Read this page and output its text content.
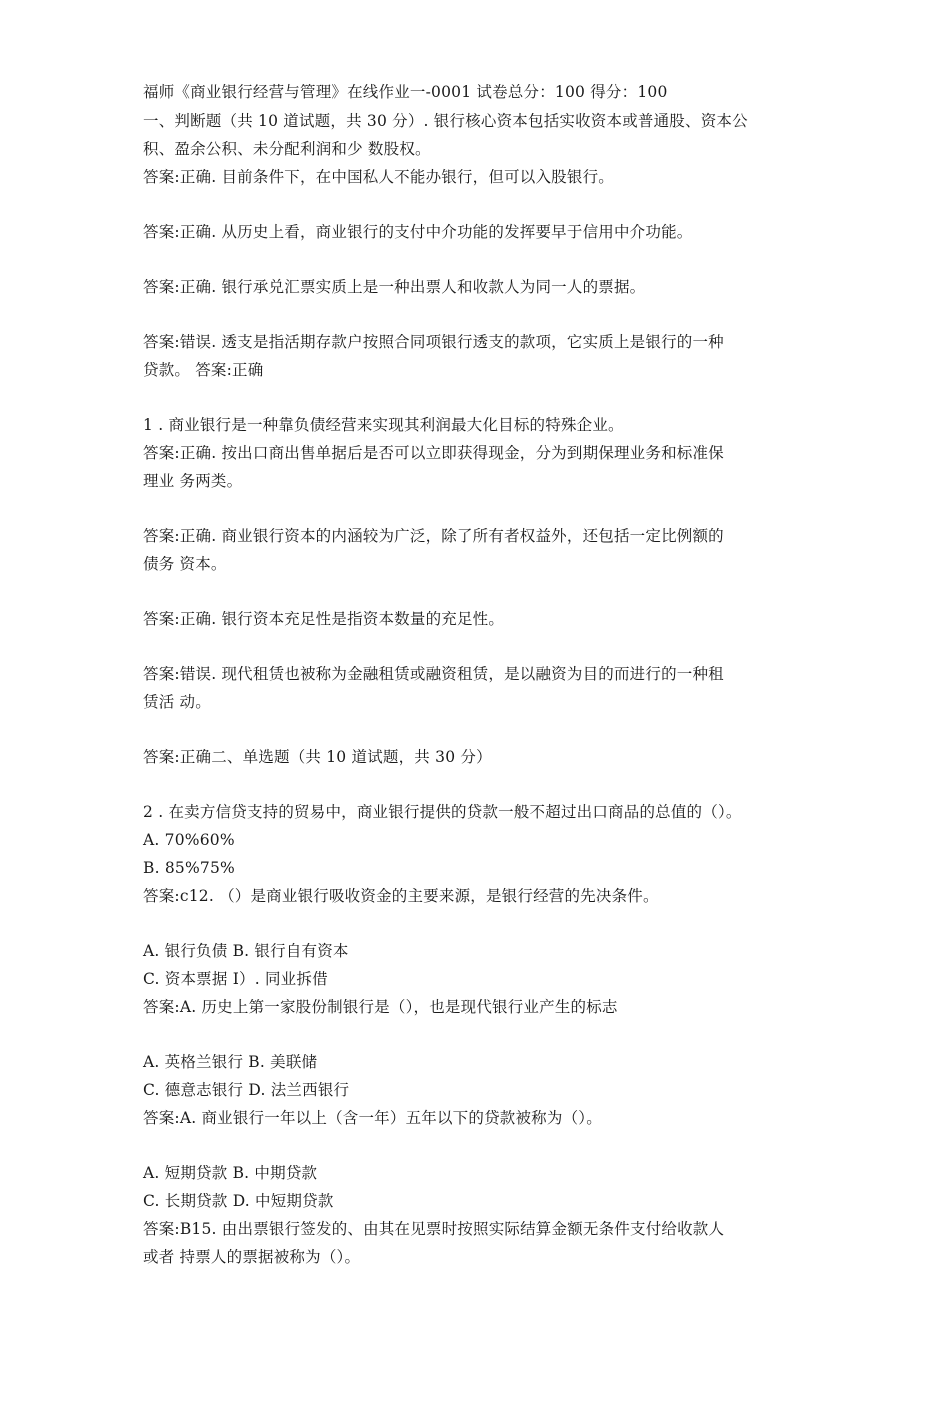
福师《商业银行经营与管理》在线作业一-0001 试卷总分：100 得分：100
一、判断题（共 10 道试题，共 30 分）. 银行核心资本包括实收资本或普通股、资本公
积、盈余公积、未分配利润和少 数股权。
答案:正确. 目前条件下，在中国私人不能办银行，但可以入股银行。
答案:正确. 从历史上看，商业银行的支付中介功能的发挥要早于信用中介功能。
答案:正确. 银行承兑汇票实质上是一种出票人和收款人为同一人的票据。
答案:错误. 透支是指活期存款户按照合同项银行透支的款项，它实质上是银行的一种
贷款。 答案:正确
1 . 商业银行是一种靠负债经营来实现其利润最大化目标的特殊企业。
答案:正确. 按出口商出售单据后是否可以立即获得现金，分为到期保理业务和标准保
理业 务两类。
答案:正确. 商业银行资本的内涵较为广泛，除了所有者权益外，还包括一定比例额的
债务 资本。
答案:正确. 银行资本充足性是指资本数量的充足性。
答案:错误. 现代租赁也被称为金融租赁或融资租赁，是以融资为目的而进行的一种租
赁活 动。
答案:正确二、单选题（共 10 道试题，共 30 分）
2 . 在卖方信贷支持的贸易中，商业银行提供的贷款一般不超过出口商品的总值的（）。
A. 70%60%
B. 85%75%
答案:c12. （）是商业银行吸收资金的主要来源，是银行经营的先决条件。
A. 银行负债 B. 银行自有资本
C. 资本票据 I）. 同业拆借
答案:A. 历史上第一家股份制银行是（），也是现代银行业产生的标志
A. 英格兰银行 B. 美联储
C. 德意志银行 D. 法兰西银行
答案:A. 商业银行一年以上（含一年）五年以下的贷款被称为（）。
A. 短期贷款 B. 中期贷款
C. 长期贷款 D. 中短期贷款
答案:B15. 由出票银行签发的、由其在见票时按照实际结算金额无条件支付给收款人
或者 持票人的票据被称为（）。
